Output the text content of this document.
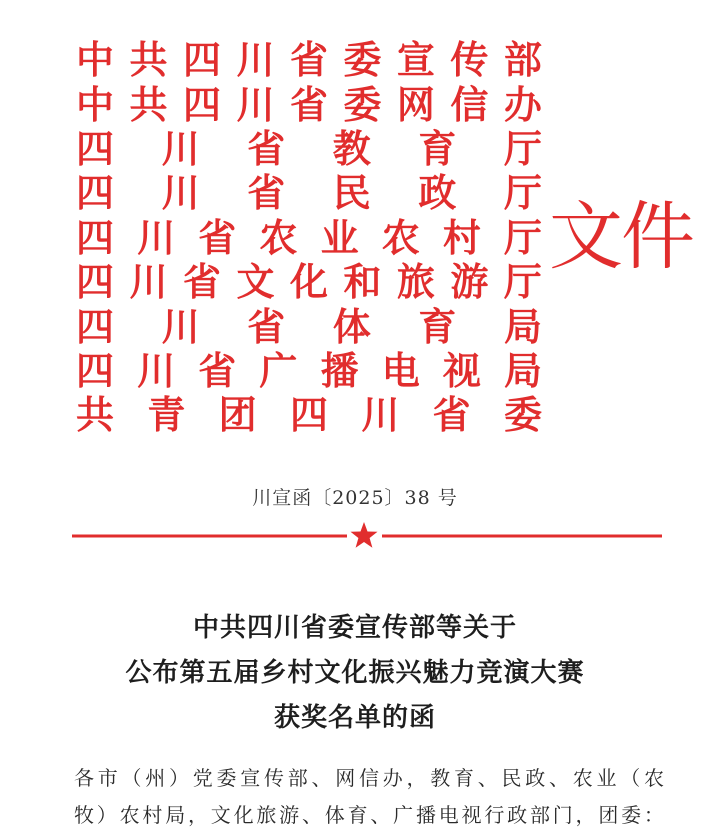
中 共 四 川 省 委 宣 传 部
中 共 四 川 省 委 网 信 办
四 川 省 教 育 厅
四 川 省 民 政 厅
四 川 省 农 业 农 村 厅
四 川 省 文 化 和 旅 游 厅
四 川 省 体 育 局
四 川 省 广 播 电 视 局
共 青 团 四 川 省 委
文件
川宣函〔2025〕38 号
中共四川省委宣传部等关于
公布第五届乡村文化振兴魅力竞演大赛
获奖名单的函
各 市 （ 州 ） 党 委 宣 传 部 、 网 信 办 ， 教 育 、 民 政 、 农 业 （ 农
牧 ） 农 村 局 ， 文 化 旅 游 、 体 育 、 广 播 电 视 行 政 部 门 ， 团 委 ：
